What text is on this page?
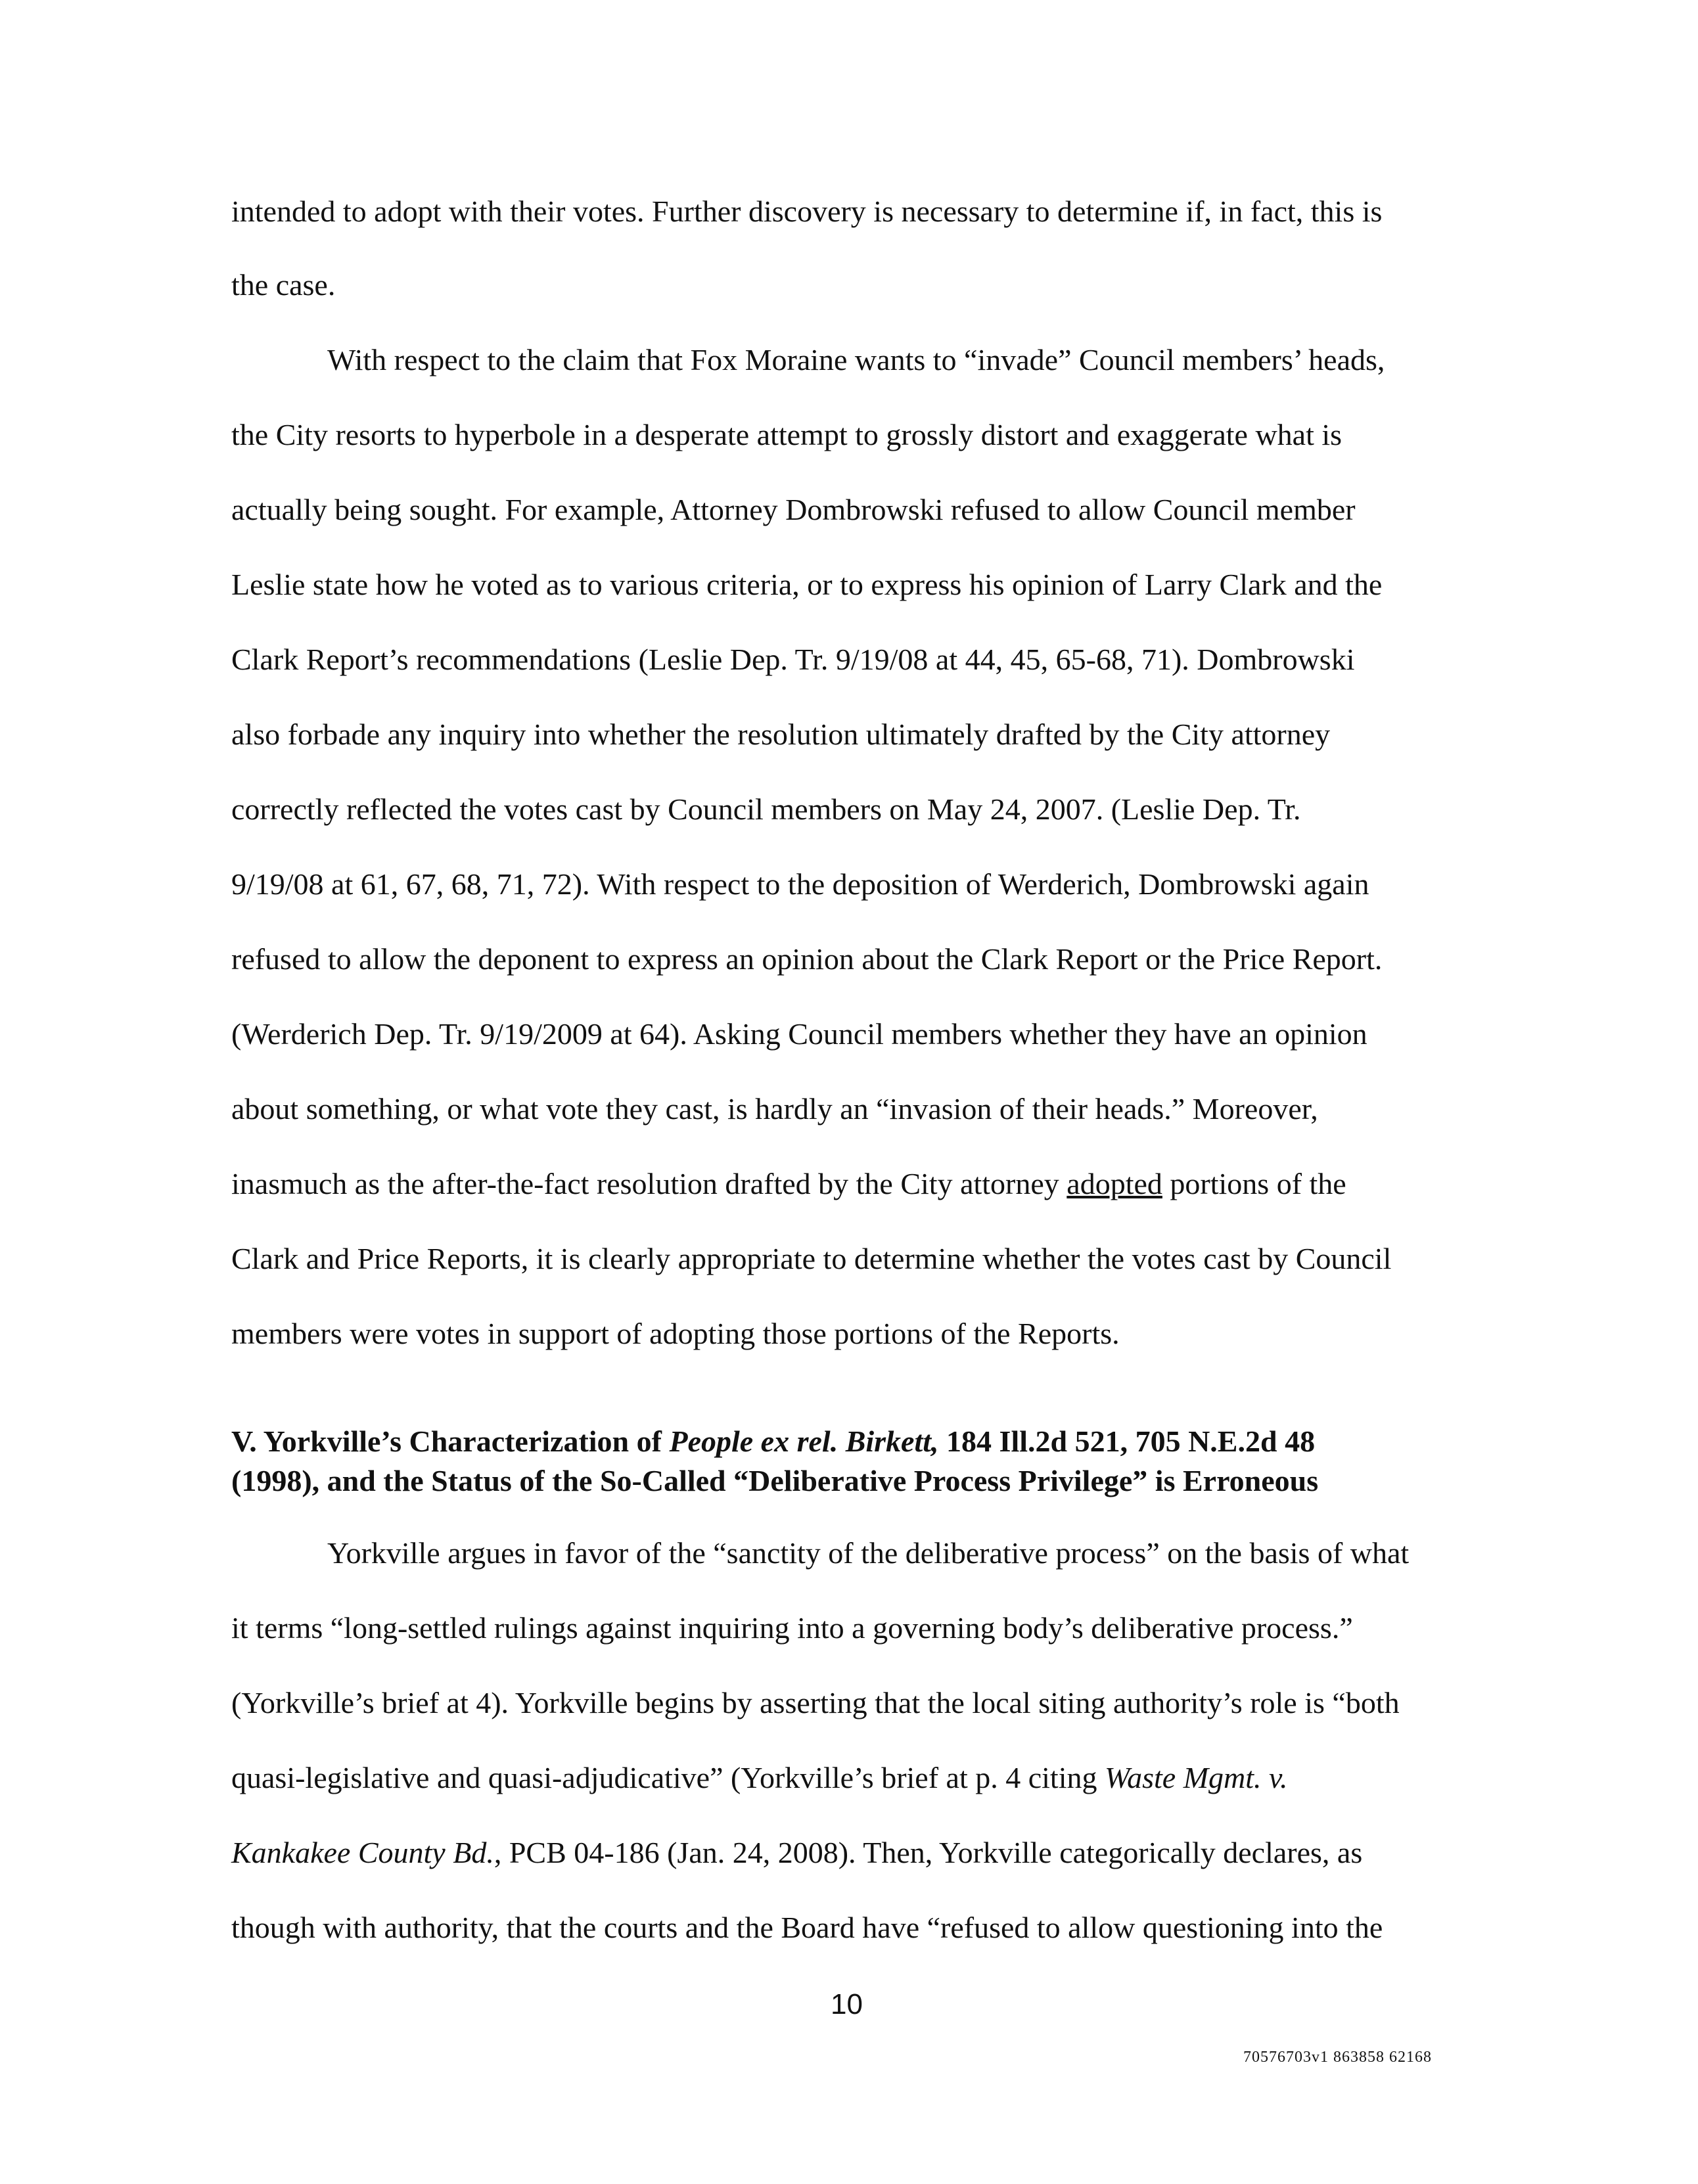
intended to adopt with their votes. Further discovery is necessary to determine if, in fact, this is

the case.

With respect to the claim that Fox Moraine wants to “invade” Council members’ heads,

the City resorts to hyperbole in a desperate attempt to grossly distort and exaggerate what is

actually being sought. For example, Attorney Dombrowski refused to allow Council member

Leslie state how he voted as to various criteria, or to express his opinion of Larry Clark and the

Clark Report’s recommendations (Leslie Dep. Tr. 9/19/08 at 44, 45, 65-68, 71). Dombrowski

also forbade any inquiry into whether the resolution ultimately drafted by the City attorney

correctly reflected the votes cast by Council members on May 24, 2007. (Leslie Dep. Tr.

9/19/08 at 61, 67, 68, 71, 72). With respect to the deposition of Werderich, Dombrowski again

refused to allow the deponent to express an opinion about the Clark Report or the Price Report.

(Werderich Dep. Tr. 9/19/2009 at 64). Asking Council members whether they have an opinion

about something, or what vote they cast, is hardly an “invasion of their heads.” Moreover,

inasmuch as the after-the-fact resolution drafted by the City attorney adopted portions of the

Clark and Price Reports, it is clearly appropriate to determine whether the votes cast by Council

members were votes in support of adopting those portions of the Reports.

V. Yorkville’s Characterization of People ex rel. Birkett, 184 Ill.2d 521, 705 N.E.2d 48

(1998), and the Status of the So-Called “Deliberative Process Privilege” is Erroneous

Yorkville argues in favor of the “sanctity of the deliberative process” on the basis of what

it terms “long-settled rulings against inquiring into a governing body’s deliberative process.”

(Yorkville’s brief at 4). Yorkville begins by asserting that the local siting authority’s role is “both

quasi-legislative and quasi-adjudicative” (Yorkville’s brief at p. 4 citing Waste Mgmt. v.

Kankakee County Bd., PCB 04-186 (Jan. 24, 2008). Then, Yorkville categorically declares, as

though with authority, that the courts and the Board have “refused to allow questioning into the

10
70576703v1 863858 62168
